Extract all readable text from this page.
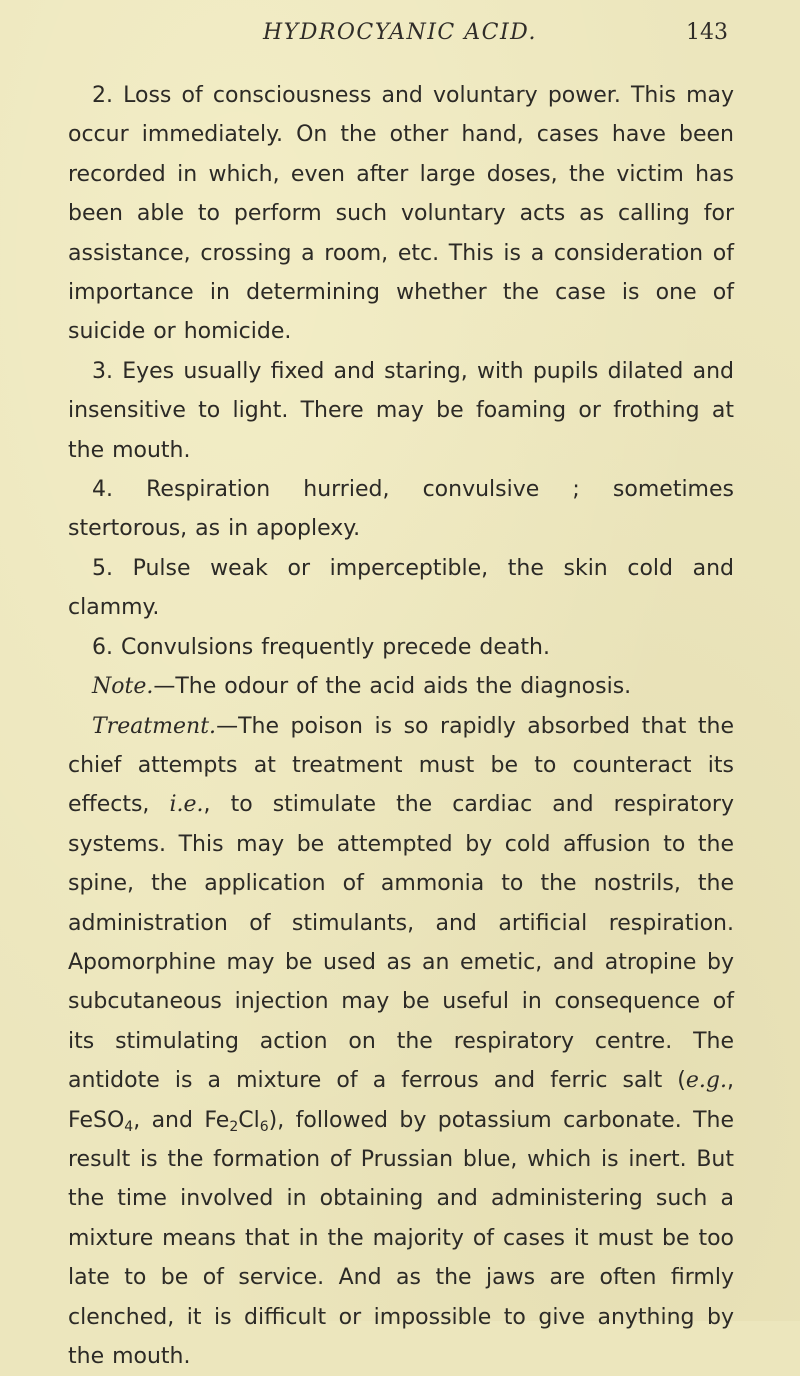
HYDROCYANIC ACID.	143

2. Loss of consciousness and voluntary power. This may occur immediately. On the other hand, cases have been recorded in which, even after large doses, the victim has been able to perform such voluntary acts as calling for assistance, crossing a room, etc. This is a consideration of importance in determining whether the case is one of suicide or homicide.

3. Eyes usually fixed and staring, with pupils dilated and insensitive to light. There may be foaming or frothing at the mouth.

4. Respiration hurried, convulsive ; sometimes stertorous, as in apoplexy.

5. Pulse weak or imperceptible, the skin cold and clammy.

6. Convulsions frequently precede death.

Note.—The odour of the acid aids the diagnosis.

Treatment.—The poison is so rapidly absorbed that the chief attempts at treatment must be to counteract its effects, i.e., to stimulate the cardiac and respiratory systems. This may be attempted by cold affusion to the spine, the application of ammonia to the nostrils, the administration of stimulants, and artificial respiration. Apomorphine may be used as an emetic, and atropine by subcutaneous injection may be useful in consequence of its stimulating action on the respiratory centre. The antidote is a mixture of a ferrous and ferric salt (e.g., FeSO$_4$, and $Fe_2Cl_6$), followed by potassium carbonate. The result is the formation of Prussian blue, which is inert. But the time involved in obtaining and administering such a mixture means that in the majority of cases it must be too late to be of service. And as the jaws are often firmly clenched, it is difficult or impossible to give anything by the mouth.
